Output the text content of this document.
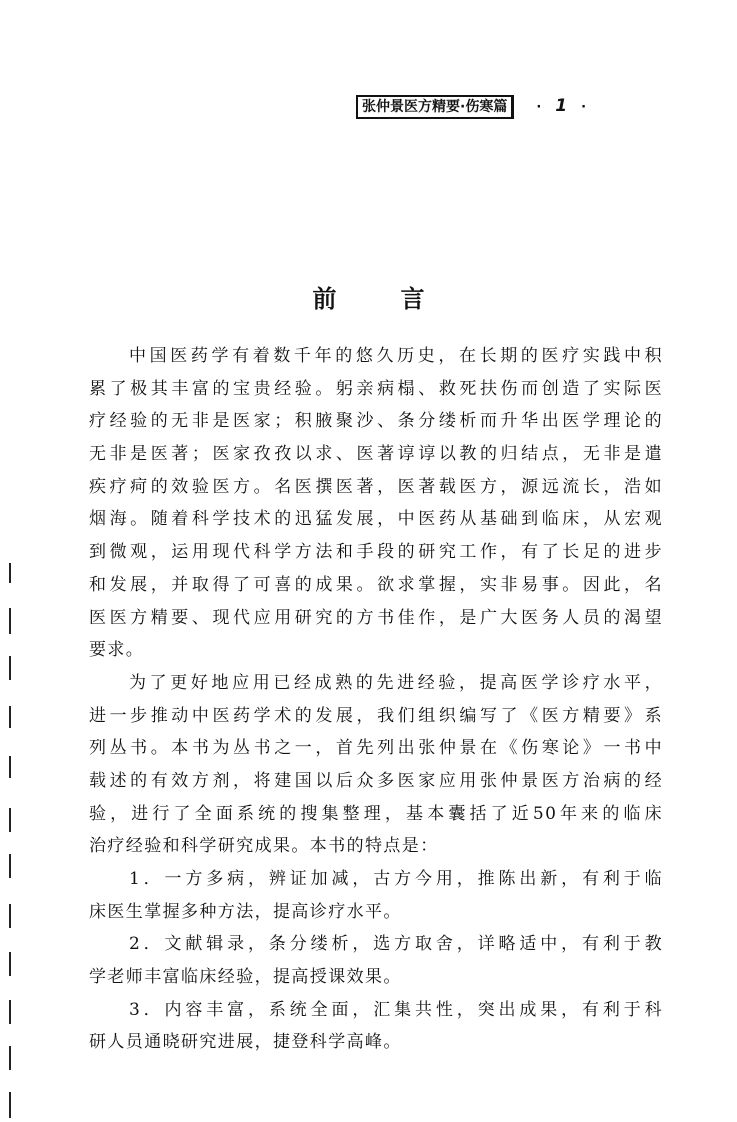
张仲景医方精要·伤寒篇	· 1 ·
前言
中国医药学有着数千年的悠久历史，在长期的医疗实践中积
累了极其丰富的宝贵经验。躬亲病榻、救死扶伤而创造了实际医
疗经验的无非是医家；积腋聚沙、条分缕析而升华出医学理论的
无非是医著；医家孜孜以求、医著谆谆以教的归结点，无非是遣
疾疗疴的效验医方。名医撰医著，医著载医方，源远流长，浩如
烟海。随着科学技术的迅猛发展，中医药从基础到临床，从宏观
到微观，运用现代科学方法和手段的研究工作，有了长足的进步
和发展，并取得了可喜的成果。欲求掌握，实非易事。因此，名
医医方精要、现代应用研究的方书佳作，是广大医务人员的渴望
要求。
为了更好地应用已经成熟的先进经验，提高医学诊疗水平，
进一步推动中医药学术的发展，我们组织编写了《医方精要》系
列丛书。本书为丛书之一，首先列出张仲景在《伤寒论》一书中
载述的有效方剂，将建国以后众多医家应用张仲景医方治病的经
验，进行了全面系统的搜集整理，基本囊括了近50年来的临床
治疗经验和科学研究成果。本书的特点是：
1．一方多病，辨证加减，古方今用，推陈出新，有利于临
床医生掌握多种方法，提高诊疗水平。
2．文献辑录，条分缕析，选方取舍，详略适中，有利于教
学老师丰富临床经验，提高授课效果。
3．内容丰富，系统全面，汇集共性，突出成果，有利于科
研人员通晓研究进展，捷登科学高峰。
